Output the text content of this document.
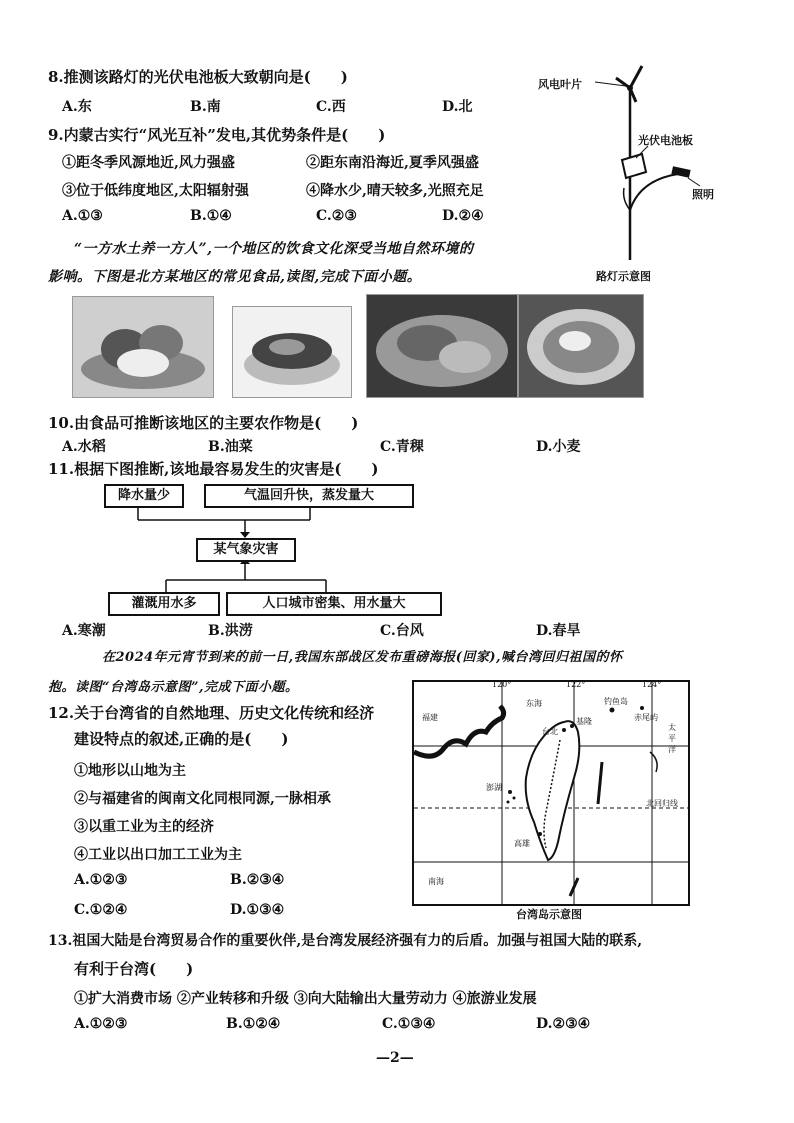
8.推测该路灯的光伏电池板大致朝向是(　　)
A.东	B.南	C.西	D.北
9.内蒙古实行“风光互补”发电,其优势条件是(　　)
①距冬季风源地近,风力强盛	②距东南沿海近,夏季风强盛
③位于低纬度地区,太阳辐射强	④降水少,晴天较多,光照充足
A.①③	B.①④	C.②③	D.②④
风电叶片
光伏电池板
照明
路灯示意图
“一方水土养一方人”,一个地区的饮食文化深受当地自然环境的
影响。下图是北方某地区的常见食品,读图,完成下面小题。
10.由食品可推断该地区的主要农作物是(　　)
A.水稻	B.油菜	C.青稞	D.小麦
11.根据下图推断,该地最容易发生的灾害是(　　)
降水量少	气温回升快，蒸发量大
某气象灾害
灌溉用水多	人口城市密集、用水量大
A.寒潮	B.洪涝	C.台风	D.春旱
在2024年元宵节到来的前一日,我国东部战区发布重磅海报(回家),喊台湾回归祖国的怀
抱。读图“台湾岛示意图”,完成下面小题。
12.关于台湾省的自然地理、历史文化传统和经济
建设特点的叙述,正确的是(　　)
①地形以山地为主
②与福建省的闽南文化同根同源,一脉相承
③以重工业为主的经济
④工业以出口加工工业为主
A.①②③	B.②③④
C.①②④	D.①③④
福建
东海	钓鱼岛
赤尾屿
台北
基隆
高雄
澎湖
南海
太平洋
北回归线
120°	122°	124°
台湾岛示意图
13.祖国大陆是台湾贸易合作的重要伙伴,是台湾发展经济强有力的后盾。加强与祖国大陆的联系,
有利于台湾(　　)
①扩大消费市场 ②产业转移和升级 ③向大陆输出大量劳动力 ④旅游业发展
A.①②③	B.①②④	C.①③④	D.②③④
—2—
